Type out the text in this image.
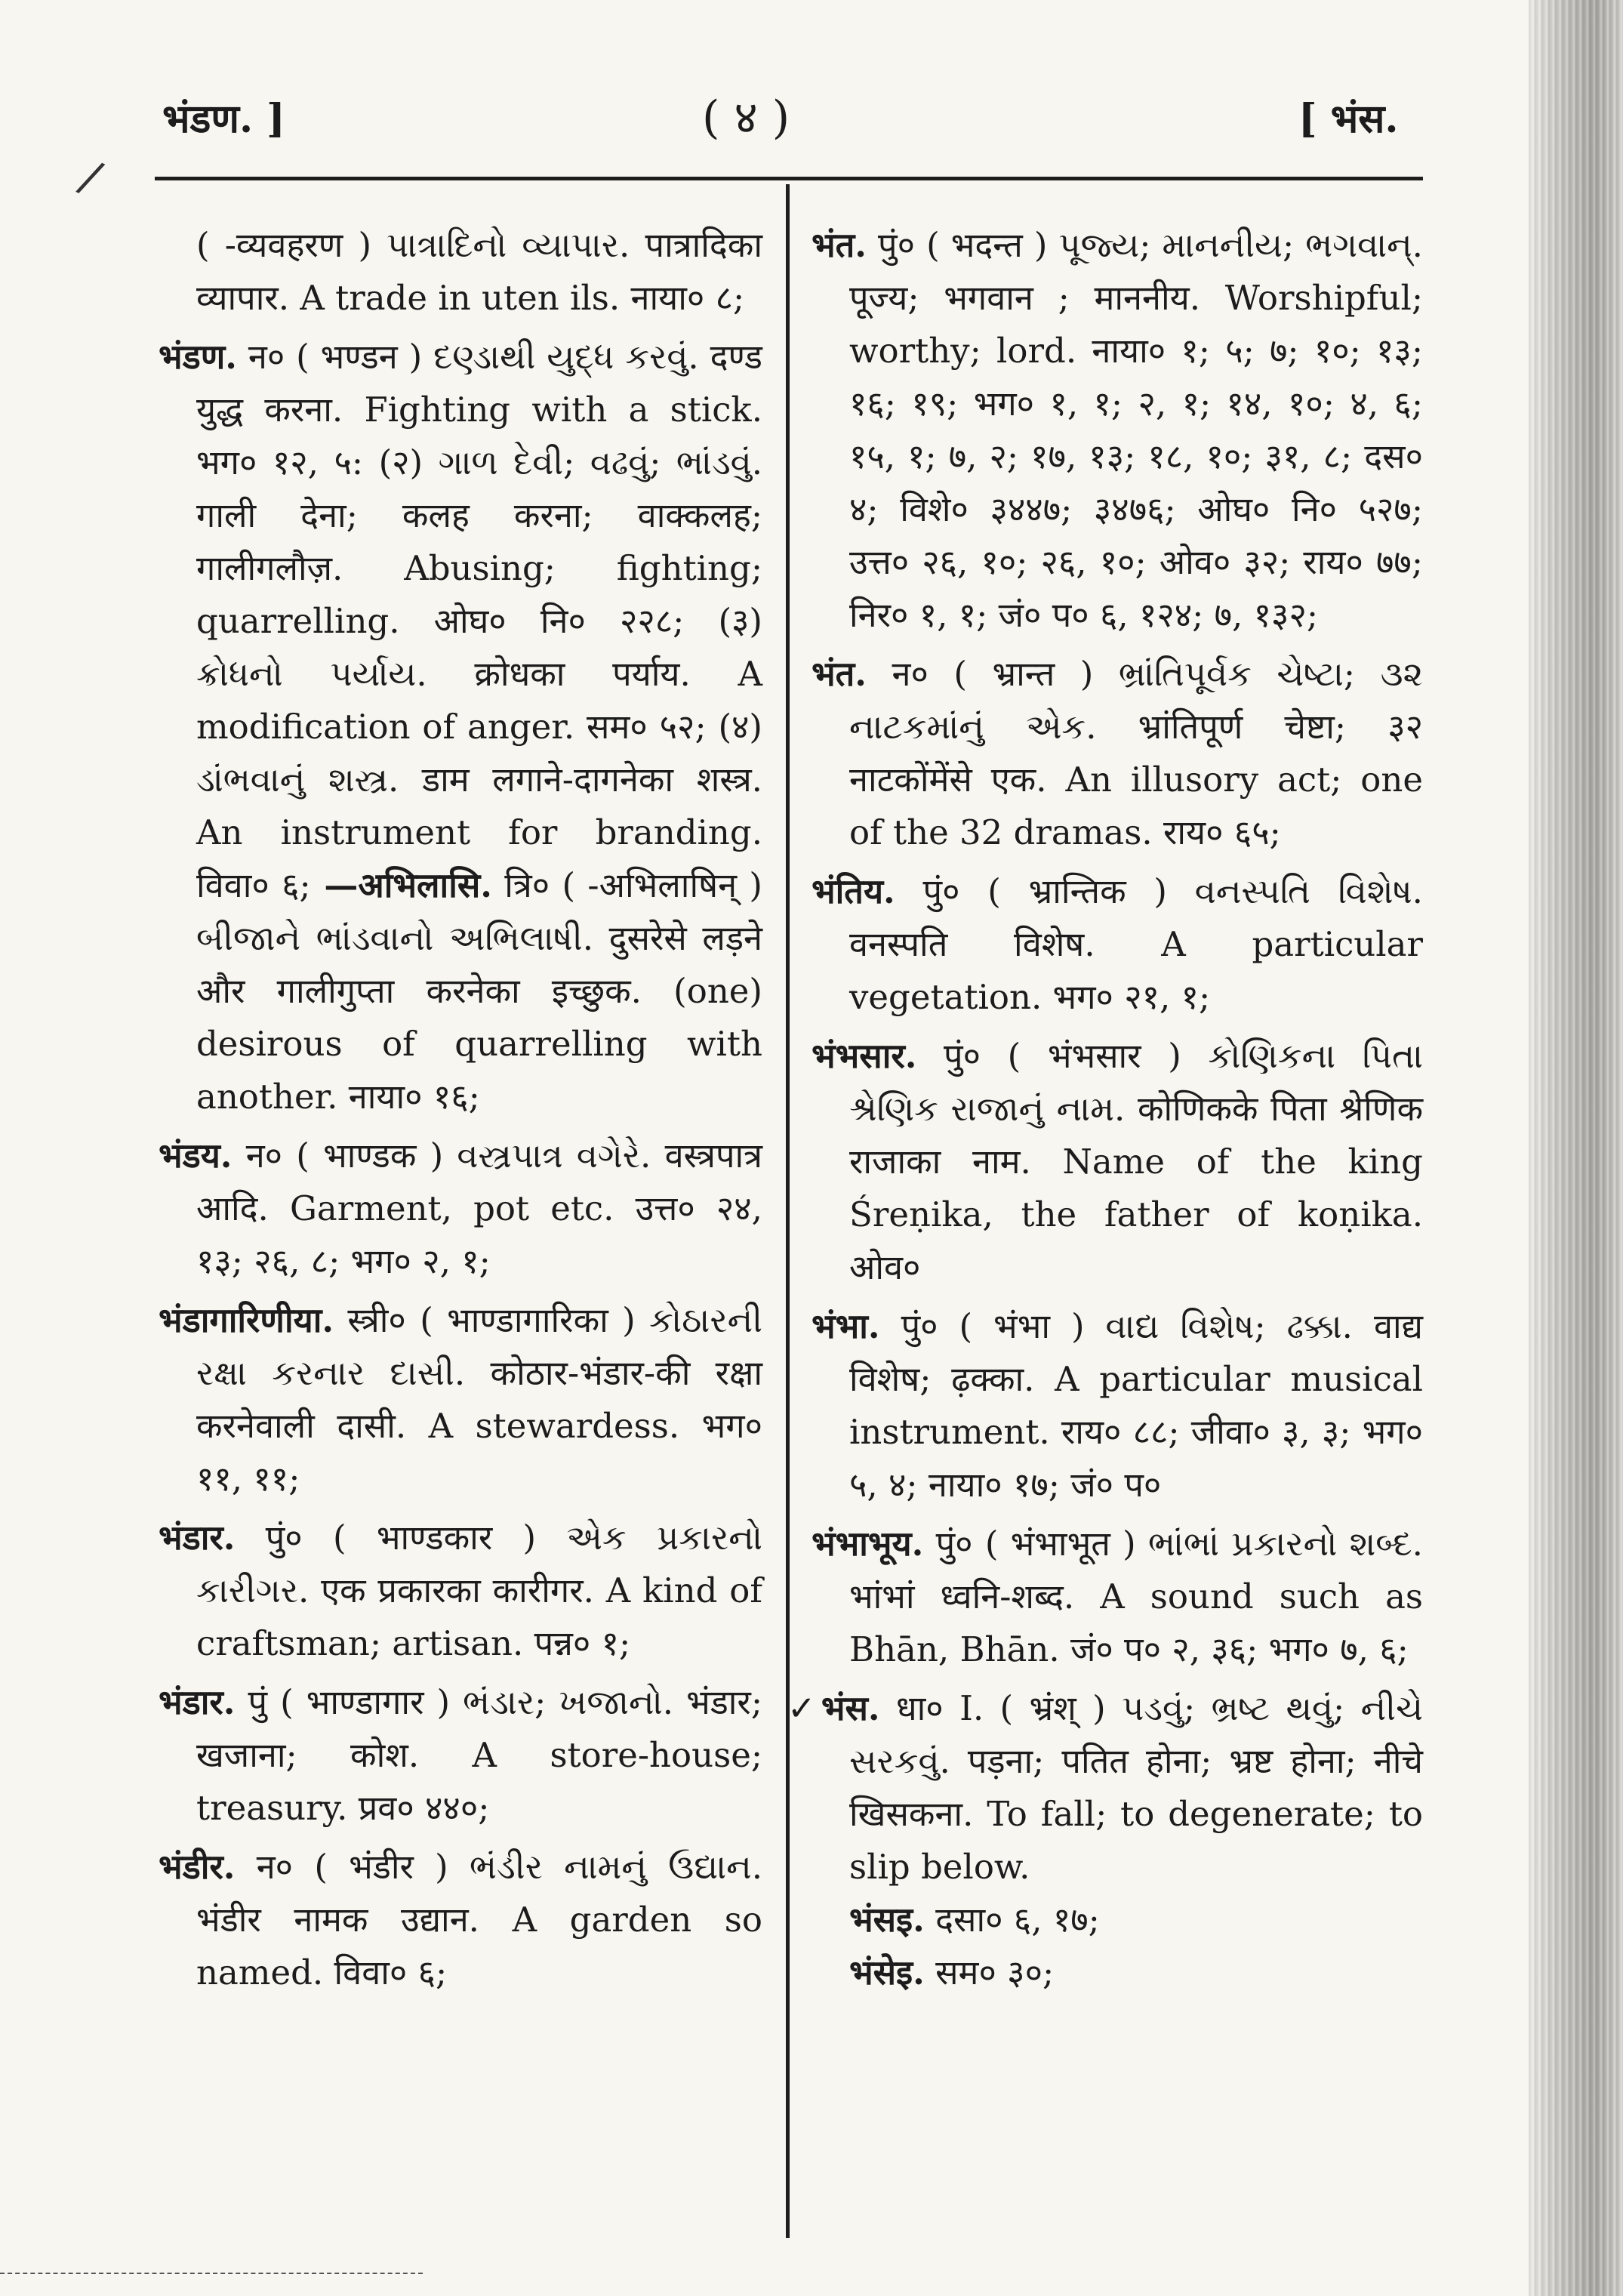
भंडण. ]	( ४ )	[ भंस.
/
( -व्यवहरण ) પાત્રાદિનો વ્યાપાર. पात्रादिका व्यापार. A trade in uten ils. नाया० ८;
भंडण. न० ( भण्डन ) દણ્ડાથી યુદ્ધ કરવું. दण्ड युद्ध करना. Fighting with a stick. भग० १२, ५: (२) ગાળ દેવી; વઢવું; ભાંડવું. गाली देना; कलह करना; वाक्कलह; गालीगलौज़. Abusing; fighting; quarrelling. ओघ० नि० २२८; (३) ક્રોધનો પર્યાય. क्रोधका पर्याय. A modification of anger. सम० ५२; (४) ડાંભવાનું શસ્ત્ર. डाम लगाने-दागनेका शस्त्र. An instrument for branding. विवा० ६; —अभिलासि. त्रि० ( -अभिलाषिन् ) બીજાને ભાંડવાનો અભિલાષી. दुसरेसे लड़ने और गालीगुप्ता करनेका इच्छुक. (one) desirous of quarrelling with another. नाया० १६;
भंडय. न० ( भाण्डक ) વસ્ત્રપાત્ર વગેરે. वस्त्रपात्र आदि. Garment, pot etc. उत्त० २४, १३; २६, ८; भग० २, १;
भंडागारिणीया. स्त्री० ( भाण्डागारिका ) કોઠારની રક્ષા કરનાર દાસી. कोठार-भंडार-की रक्षा करनेवाली दासी. A stewardess. भग० ११, ११;
भंडार. पुं० ( भाण्डकार ) એક પ્રકારનો કારીગર. एक प्रकारका कारीगर. A kind of craftsman; artisan. पन्न० १;
भंडार. पुं ( भाण्डागार ) ભંડાર; ખજાનો. भंडार; खजाना; कोश. A store-house; treasury. प्रव० ४४०;
भंडीर. न० ( भंडीर ) ભંડીર નામનું ઉદ્યાન. भंडीर नामक उद्यान. A garden so named. विवा० ६;
भंत. पुं० ( भदन्त ) પૂજ્ય; માનનીય; ભગવાન્. पूज्य; भगवान ; माननीय. Worshipful; worthy; lord. नाया० १; ५; ७; १०; १३; १६; १९; भग० १, १; २, १; १४, १०; ४, ६; १५, १; ७, २; १७, १३; १८, १०; ३१, ८; दस० ४; विशे० ३४४७; ३४७६; ओघ० नि० ५२७; उत्त० २६, १०; २६, १०; ओव० ३२; राय० ७७; निर० १, १; जं० प० ६, १२४; ७, १३२;
भंत. न० ( भ्रान्त ) ભ્રાંતિપૂર્વક ચેષ્ટા; ૩૨ નાટકમાંનું એક. भ्रांतिपूर्ण चेष्टा; ३२ नाटकोंमेंसे एक. An illusory act; one of the 32 dramas. राय० ६५;
भंतिय. पुं० ( भ्रान्तिक ) વનસ્પતિ વિશેષ. वनस्पति विशेष. A particular vegetation. भग० २१, १;
भंभसार. पुं० ( भंभसार ) કોણિકના પિતા શ્રેણિક રાજાનું નામ. कोणिकके पिता श्रेणिक राजाका नाम. Name of the king Śreṇika, the father of koṇika. ओव०
भंभा. पुं० ( भंभा ) વાદ્ય વિશેષ; ઢક્કા. वाद्य विशेष; ढ़क्का. A particular musical instrument. राय० ८८; जीवा० ३, ३; भग० ५, ४; नाया० १७; जं० प०
भंभाभूय. पुं० ( भंभाभूत ) ભાંભાં પ્રકારનો શબ્દ. भांभां ध्वनि-शब्द. A sound such as Bhān, Bhān. जं० प० २, ३६; भग० ७, ६;
✓भंस. धा० I. ( भ्रंश् ) પડવું; ભ્રષ્ટ થવું; નીચે સરકવું. पड़ना; पतित होना; भ्रष्ट होना; नीचे खिसकना. To fall; to degenerate; to slip below.

भंसइ. दसा० ६, १७;

भंसेइ. सम० ३०;
